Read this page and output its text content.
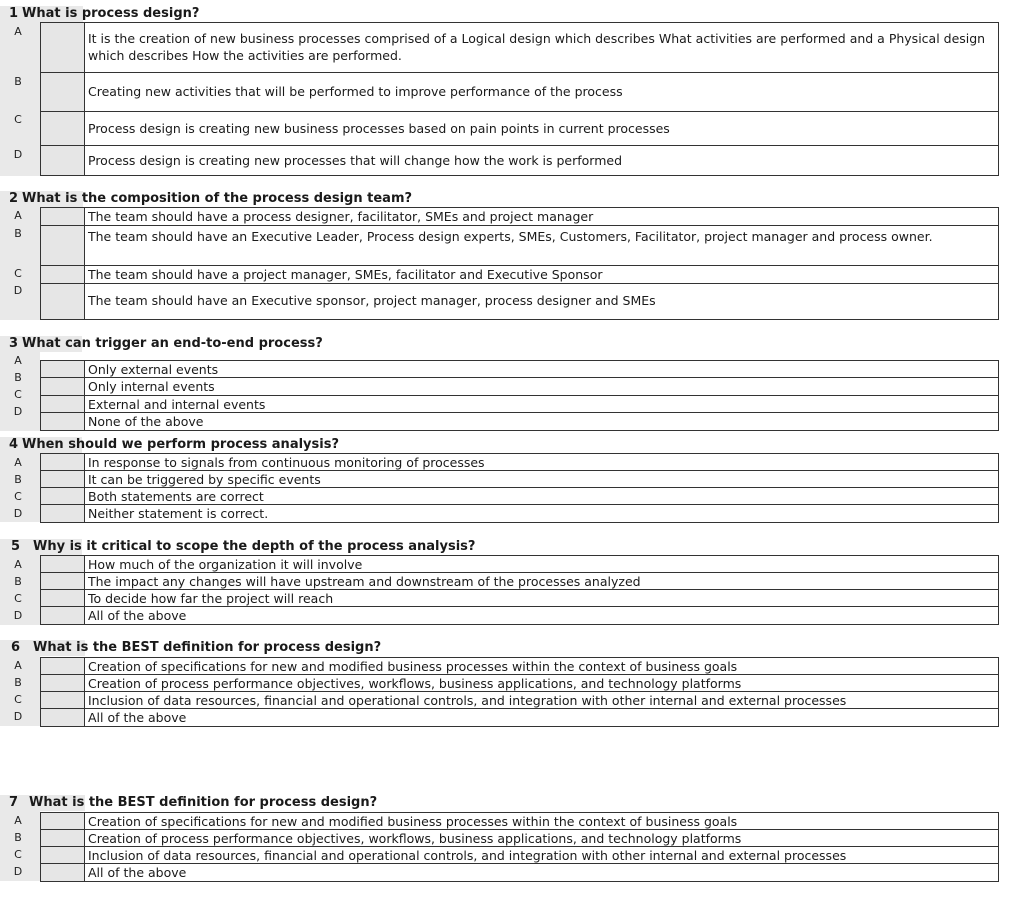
1 What is process design?
A
B
C
D
It is the creation of new business processes comprised of a Logical design which describes What activities are performed and a Physical design which describes How the activities are performed.
Creating new activities that will be performed to improve performance of the process
Process design is creating new business processes based on pain points in current processes
Process design is creating new processes that will change how the work is performed
2 What is the composition of the process design team?
A
B
C
D
The team should have a process designer, facilitator, SMEs and project manager
The team should have an Executive Leader, Process design experts, SMEs, Customers, Facilitator, project manager and process owner.
The team should have a project manager, SMEs, facilitator and Executive Sponsor
The team should have an Executive sponsor, project manager, process designer and SMEs
3 What can trigger an end-to-end process?
A
B
C
D
Only external events
Only internal events
External and internal events
None of the above
4 When should we perform process analysis?
A
B
C
D
In response to signals from continuous monitoring of processes
It can be triggered by specific events
Both statements are correct
Neither statement is correct.
5 Why is it critical to scope the depth of the process analysis?
A
B
C
D
How much of the organization it will involve
The impact any changes will have upstream and downstream of the processes analyzed
To decide how far the project will reach
All of the above
6 What is the BEST definition for process design?
A
B
C
D
Creation of specifications for new and modified business processes within the context of business goals
Creation of process performance objectives, workflows, business applications, and technology platforms
Inclusion of data resources, financial and operational controls, and integration with other internal and external processes
All of the above
7 What is the BEST definition for process design?
A
B
C
D
Creation of specifications for new and modified business processes within the context of business goals
Creation of process performance objectives, workflows, business applications, and technology platforms
Inclusion of data resources, financial and operational controls, and integration with other internal and external processes
All of the above
